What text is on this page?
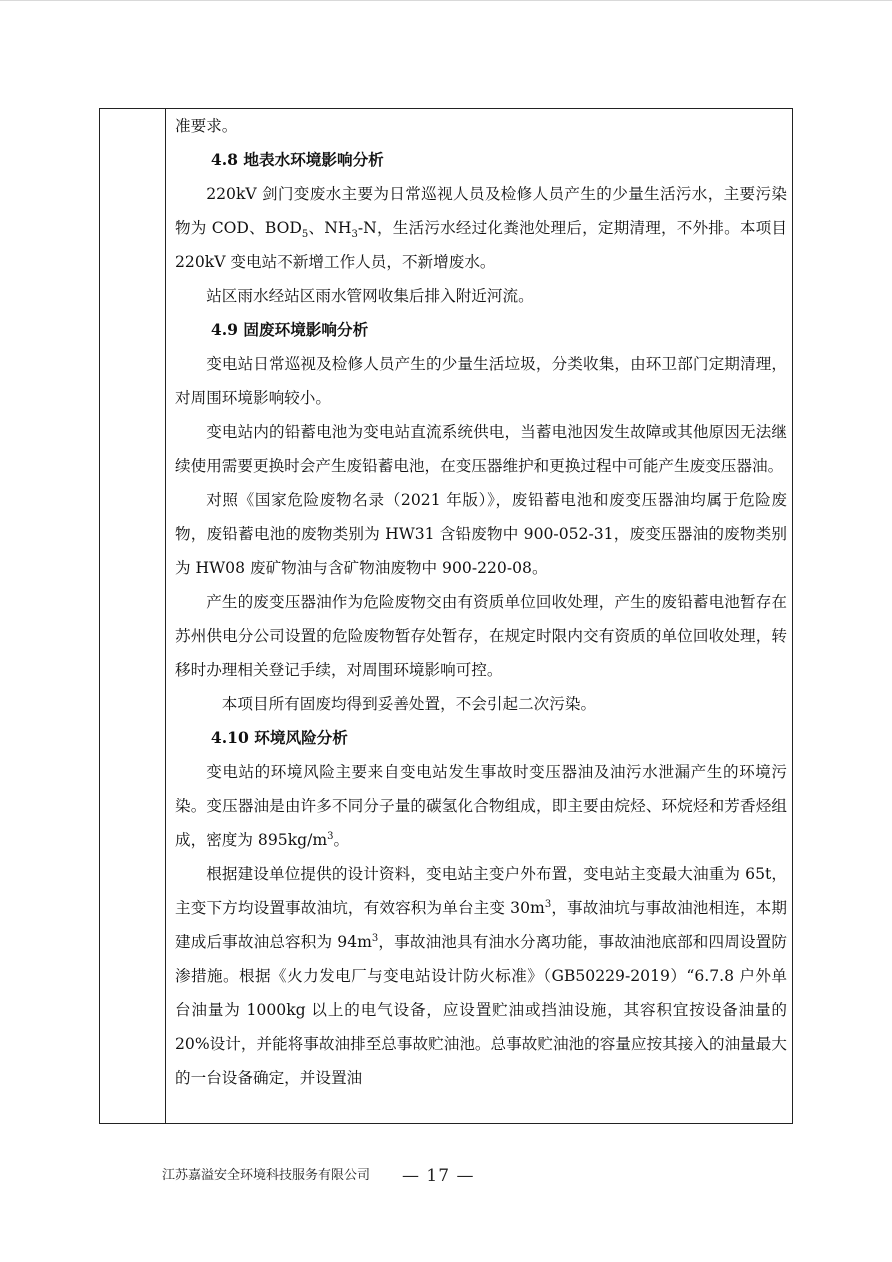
准要求。
4.8 地表水环境影响分析
220kV 剑门变废水主要为日常巡视人员及检修人员产生的少量生活污水，主要污染物为 COD、$BOD_5$、$NH_3-N$，生活污水经过化粪池处理后，定期清理，不外排。本项目 220kV 变电站不新增工作人员，不新增废水。
站区雨水经站区雨水管网收集后排入附近河流。
4.9 固废环境影响分析
变电站日常巡视及检修人员产生的少量生活垃圾，分类收集，由环卫部门定期清理，对周围环境影响较小。
变电站内的铅蓄电池为变电站直流系统供电，当蓄电池因发生故障或其他原因无法继续使用需要更换时会产生废铅蓄电池，在变压器维护和更换过程中可能产生废变压器油。
对照《国家危险废物名录（2021 年版）》，废铅蓄电池和废变压器油均属于危险废物，废铅蓄电池的废物类别为 HW31 含铅废物中 900-052-31，废变压器油的废物类别为 HW08 废矿物油与含矿物油废物中 900-220-08。
产生的废变压器油作为危险废物交由有资质单位回收处理，产生的废铅蓄电池暂存在苏州供电分公司设置的危险废物暂存处暂存，在规定时限内交有资质的单位回收处理，转移时办理相关登记手续，对周围环境影响可控。
本项目所有固废均得到妥善处置，不会引起二次污染。
4.10 环境风险分析
变电站的环境风险主要来自变电站发生事故时变压器油及油污水泄漏产生的环境污染。变压器油是由许多不同分子量的碳氢化合物组成，即主要由烷烃、环烷烃和芳香烃组成，密度为 $895kg/m^3$。
根据建设单位提供的设计资料，变电站主变户外布置，变电站主变最大油重为 65t，主变下方均设置事故油坑，有效容积为单台主变 $30m^3$，事故油坑与事故油池相连，本期建成后事故油总容积为 $94m^3$，事故油池具有油水分离功能，事故油池底部和四周设置防渗措施。根据《火力发电厂与变电站设计防火标准》（GB50229-2019）“6.7.8 户外单台油量为 1000kg 以上的电气设备，应设置贮油或挡油设施，其容积宜按设备油量的 20%设计，并能将事故油排至总事故贮油池。总事故贮油池的容量应按其接入的油量最大的一台设备确定，并设置油
江苏嘉溢安全环境科技服务有限公司 — 17 —
